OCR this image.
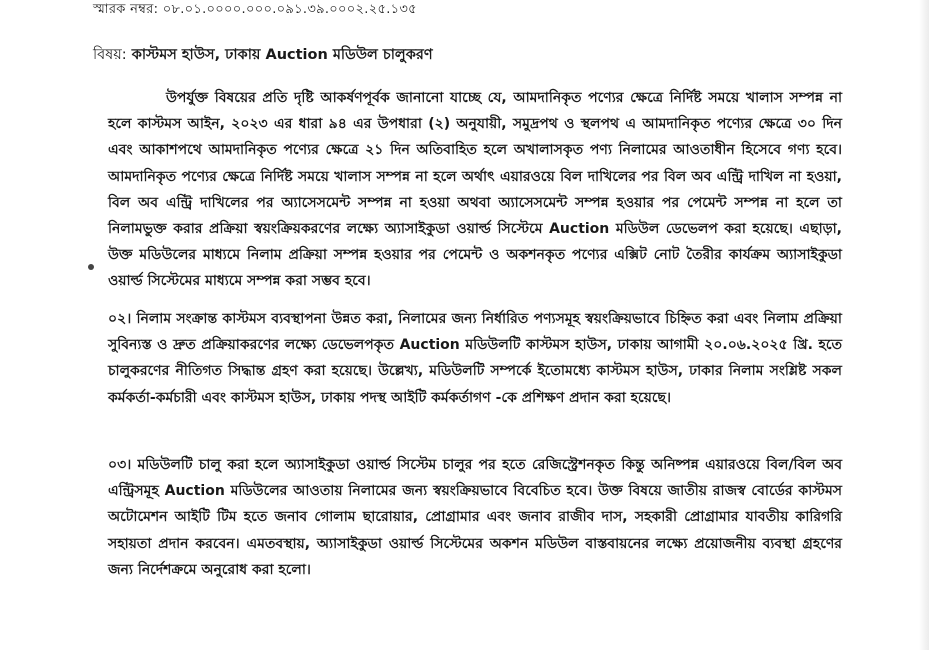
স্মারক নম্বর: ০৮.০১.০০০০.০০০.০৯১.৩৯.০০০২.২৫.১৩৫
বিষয়: কাস্টমস হাউস, ঢাকায় Auction মডিউল চালুকরণ

উপর্যুক্ত বিষয়ের প্রতি দৃষ্টি আকর্ষণপূর্বক জানানো যাচ্ছে যে, আমদানিকৃত পণ্যের ক্ষেত্রে নির্দিষ্ট সময়ে খালাস সম্পন্ন না হলে কাস্টমস আইন, ২০২৩ এর ধারা ৯৪ এর উপধারা (২) অনুযায়ী, সমুদ্রপথ ও স্থলপথ এ আমদানিকৃত পণ্যের ক্ষেত্রে ৩০ দিন এবং আকাশপথে আমদানিকৃত পণ্যের ক্ষেত্রে ২১ দিন অতিবাহিত হলে অখালাসকৃত পণ্য নিলামের আওতাধীন হিসেবে গণ্য হবে। আমদানিকৃত পণ্যের ক্ষেত্রে নির্দিষ্ট সময়ে খালাস সম্পন্ন না হলে অর্থাৎ এয়ারওয়ে বিল দাখিলের পর বিল অব এন্ট্রি দাখিল না হওয়া, বিল অব এন্ট্রি দাখিলের পর অ্যাসেসমেন্ট সম্পন্ন না হওয়া অথবা অ্যাসেসমেন্ট সম্পন্ন হওয়ার পর পেমেন্ট সম্পন্ন না হলে তা নিলামভুক্ত করার প্রক্রিয়া স্বয়ংক্রিয়করণের লক্ষ্যে অ্যাসাইকুডা ওয়ার্ল্ড সিস্টেমে Auction মডিউল ডেভেলপ করা হয়েছে। এছাড়া, উক্ত মডিউলের মাধ্যমে নিলাম প্রক্রিয়া সম্পন্ন হওয়ার পর পেমেন্ট ও অকশনকৃত পণ্যের এক্সিট নোট তৈরীর কার্যক্রম অ্যাসাইকুডা ওয়ার্ল্ড সিস্টেমের মাধ্যমে সম্পন্ন করা সম্ভব হবে।

০২। নিলাম সংক্রান্ত কাস্টমস ব্যবস্থাপনা উন্নত করা, নিলামের জন্য নির্ধারিত পণ্যসমূহ স্বয়ংক্রিয়ভাবে চিহ্নিত করা এবং নিলাম প্রক্রিয়া সুবিন্যস্ত ও দ্রুত প্রক্রিয়াকরণের লক্ষ্যে ডেভেলপকৃত Auction মডিউলটি কাস্টমস হাউস, ঢাকায় আগামী ২০.০৬.২০২৫ খ্রি. হতে চালুকরণের নীতিগত সিদ্ধান্ত গ্রহণ করা হয়েছে। উল্লেখ্য, মডিউলটি সম্পর্কে ইতোমধ্যে কাস্টমস হাউস, ঢাকার নিলাম সংশ্লিষ্ট সকল কর্মকর্তা-কর্মচারী এবং কাস্টমস হাউস, ঢাকায় পদস্থ আইটি কর্মকর্তাগণ -কে প্রশিক্ষণ প্রদান করা হয়েছে।

০৩। মডিউলটি চালু করা হলে অ্যাসাইকুডা ওয়ার্ল্ড সিস্টেম চালুর পর হতে রেজিস্ট্রেশনকৃত কিন্তু অনিষ্পন্ন এয়ারওয়ে বিল/বিল অব এন্ট্রিসমূহ Auction মডিউলের আওতায় নিলামের জন্য স্বয়ংক্রিয়ভাবে বিবেচিত হবে। উক্ত বিষয়ে জাতীয় রাজস্ব বোর্ডের কাস্টমস অটোমেশন আইটি টিম হতে জনাব গোলাম ছারোয়ার, প্রোগ্রামার এবং জনাব রাজীব দাস, সহকারী প্রোগ্রামার যাবতীয় কারিগরি সহায়তা প্রদান করবেন। এমতবস্থায়, অ্যাসাইকুডা ওয়ার্ল্ড সিস্টেমের অকশন মডিউল বাস্তবায়নের লক্ষ্যে প্রয়োজনীয় ব্যবস্থা গ্রহণের জন্য নির্দেশক্রমে অনুরোধ করা হলো।
